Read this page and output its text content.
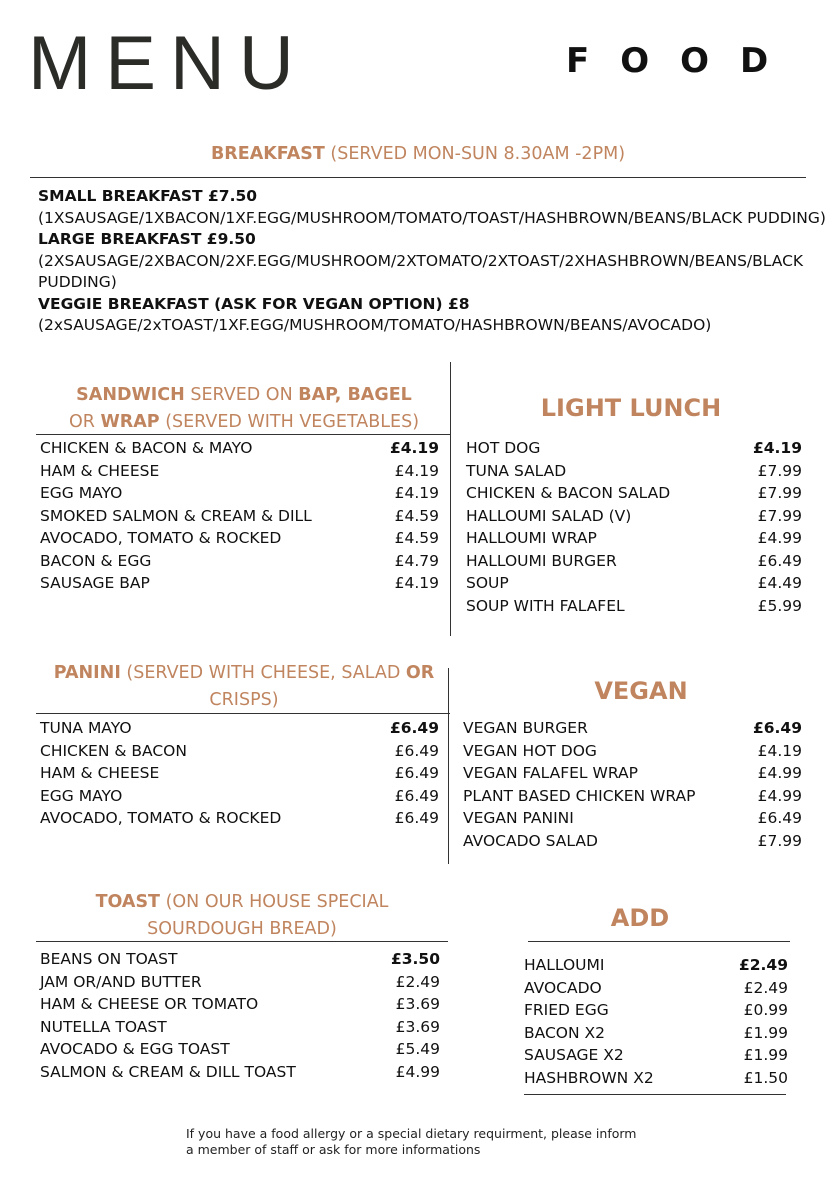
MENU	FOOD
BREAKFAST (SERVED MON-SUN 8.30AM -2PM)
SMALL BREAKFAST £7.50
(1XSAUSAGE/1XBACON/1XF.EGG/MUSHROOM/TOMATO/TOAST/HASHBROWN/BEANS/BLACK PUDDING)
LARGE BREAKFAST £9.50
(2XSAUSAGE/2XBACON/2XF.EGG/MUSHROOM/2XTOMATO/2XTOAST/2XHASHBROWN/BEANS/BLACK PUDDING)
VEGGIE BREAKFAST (ASK FOR VEGAN OPTION) £8
(2xSAUSAGE/2xTOAST/1XF.EGG/MUSHROOM/TOMATO/HASHBROWN/BEANS/AVOCADO)
SANDWICH SERVED ON BAP, BAGEL
OR WRAP (SERVED WITH VEGETABLES)
CHICKEN & BACON & MAYO	£4.19
HAM & CHEESE	£4.19
EGG MAYO	£4.19
SMOKED SALMON & CREAM & DILL	£4.59
AVOCADO, TOMATO & ROCKED	£4.59
BACON & EGG	£4.79
SAUSAGE BAP	£4.19
LIGHT LUNCH
HOT DOG	£4.19
TUNA SALAD	£7.99
CHICKEN & BACON SALAD	£7.99
HALLOUMI SALAD (V)	£7.99
HALLOUMI WRAP	£4.99
HALLOUMI BURGER	£6.49
SOUP	£4.49
SOUP WITH FALAFEL	£5.99
PANINI (SERVED WITH CHEESE, SALAD OR
CRISPS)
TUNA MAYO	£6.49
CHICKEN & BACON	£6.49
HAM & CHEESE	£6.49
EGG MAYO	£6.49
AVOCADO, TOMATO & ROCKED	£6.49
VEGAN
VEGAN BURGER	£6.49
VEGAN HOT DOG	£4.19
VEGAN FALAFEL WRAP	£4.99
PLANT BASED CHICKEN WRAP	£4.99
VEGAN PANINI	£6.49
AVOCADO SALAD	£7.99
TOAST (ON OUR HOUSE SPECIAL
SOURDOUGH BREAD)
BEANS ON TOAST	£3.50
JAM OR/AND BUTTER	£2.49
HAM & CHEESE OR TOMATO	£3.69
NUTELLA TOAST	£3.69
AVOCADO & EGG TOAST	£5.49
SALMON & CREAM & DILL TOAST	£4.99
ADD
HALLOUMI	£2.49
AVOCADO	£2.49
FRIED EGG	£0.99
BACON X2	£1.99
SAUSAGE X2	£1.99
HASHBROWN X2	£1.50
If you have a food allergy or a special dietary requirment, please inform
a member of staff or ask for more informations
